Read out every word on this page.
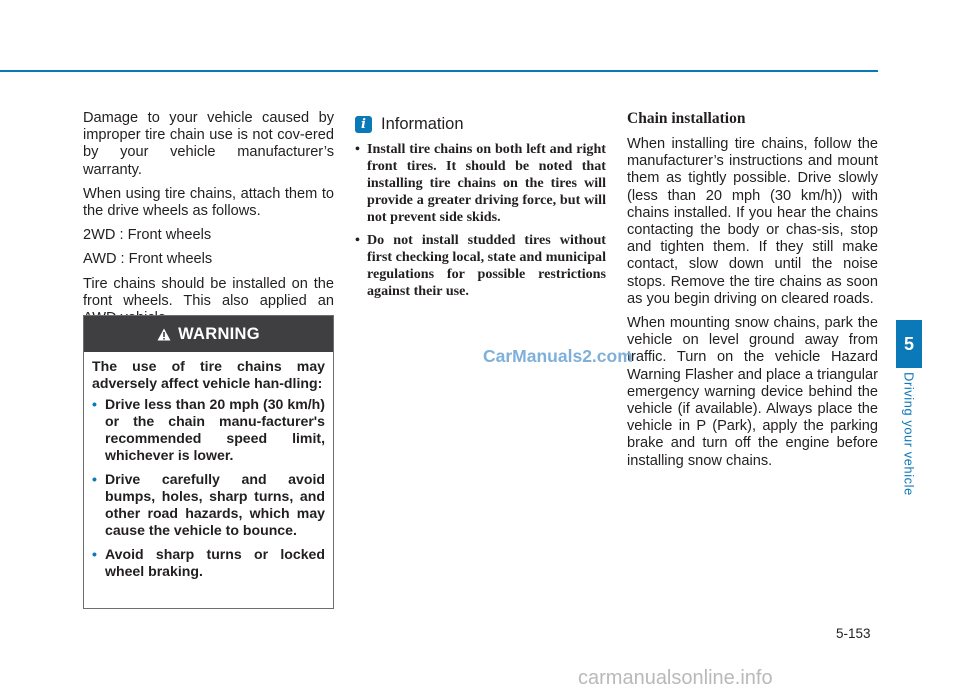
Damage to your vehicle caused by improper tire chain use is not cov-ered by your vehicle manufacturer’s warranty.

When using tire chains, attach them to the drive wheels as follows.

2WD : Front wheels

AWD : Front wheels

Tire chains should be installed on the front wheels. This also applied an

WARNING

The use of tire chains may adversely affect vehicle han-dling:

• Drive less than 20 mph (30 km/h) or the chain manu-facturer's recommended speed limit, whichever is lower.
• Drive carefully and avoid bumps, holes, sharp turns, and other road hazards, which may cause the vehicle to bounce.
• Avoid sharp turns or locked wheel braking.
i Information
• Install tire chains on both left and right front tires. It should be noted that installing tire chains on the tires will provide a greater driving force, but will not prevent side skids.
• Do not install studded tires without first checking local, state and municipal regulations for possible restrictions against their use.
Chain installation

When installing tire chains, follow the manufacturer’s instructions and mount them as tightly possible. Drive slowly (less than 20 mph (30 km/h)) with chains installed. If you hear the chains contacting the body or chas-sis, stop and tighten them. If they still make contact, slow down until the noise stops. Remove the tire chains as soon as you begin driving on cleared roads.

When mounting snow chains, park the vehicle on level ground away from traffic. Turn on the vehicle Hazard Warning Flasher and place a triangular emergency warning device behind the vehicle (if available). Always place the vehicle in P (Park), apply the parking brake and turn off the engine before installing snow chains.

CarManuals2.com
5
Driving your vehicle
5-153
carmanualsonline.info
